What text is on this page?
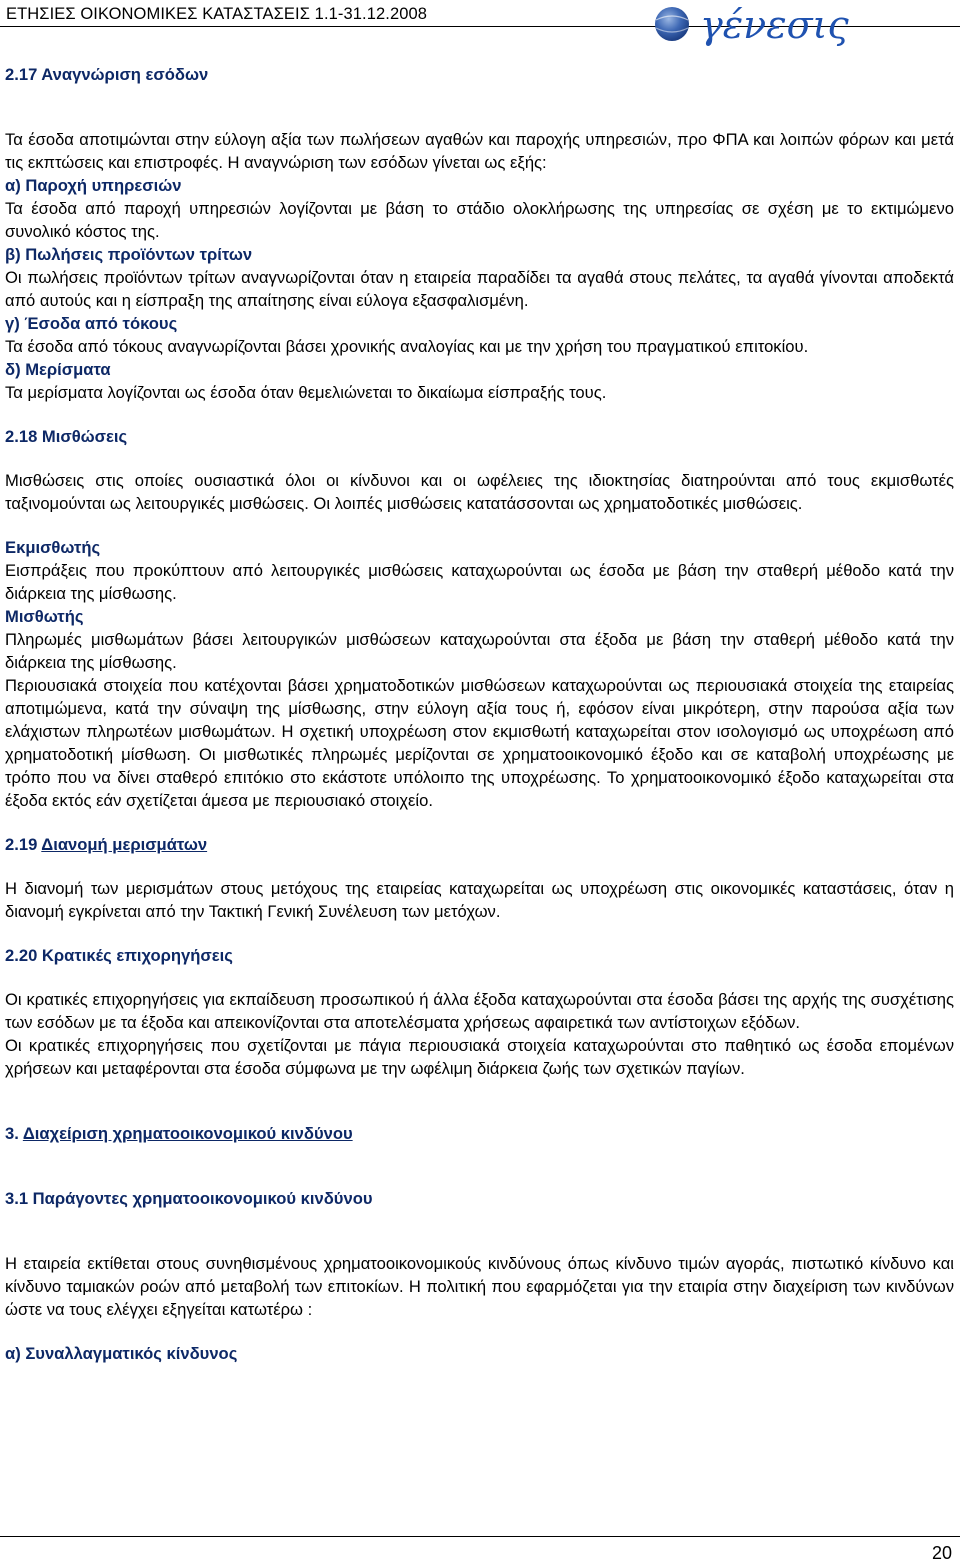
ΕΤΗΣΙΕΣ ΟΙΚΟΝΟΜΙΚΕΣ ΚΑΤΑΣΤΑΣΕΙΣ 1.1-31.12.2008	γένεσις

2.17 Αναγνώριση εσόδων

Τα έσοδα αποτιμώνται στην εύλογη αξία των πωλήσεων αγαθών και παροχής υπηρεσιών, προ ΦΠΑ και λοιπών φόρων και μετά τις εκπτώσεις και επιστροφές. Η αναγνώριση των εσόδων γίνεται ως εξής:

α) Παροχή υπηρεσιών

Τα έσοδα από παροχή υπηρεσιών λογίζονται με βάση το στάδιο ολοκλήρωσης της υπηρεσίας σε σχέση με το εκτιμώμενο συνολικό κόστος της.

β) Πωλήσεις προϊόντων τρίτων

Οι πωλήσεις προϊόντων τρίτων αναγνωρίζονται όταν η εταιρεία παραδίδει τα αγαθά στους πελάτες, τα αγαθά γίνονται αποδεκτά από αυτούς και η είσπραξη της απαίτησης είναι εύλογα εξασφαλισμένη.

γ) Έσοδα από τόκους

Τα έσοδα από τόκους αναγνωρίζονται βάσει χρονικής αναλογίας και με την χρήση του πραγματικού επιτοκίου.

δ) Μερίσματα

Τα μερίσματα λογίζονται ως έσοδα όταν θεμελιώνεται το δικαίωμα είσπραξής τους.

2.18 Μισθώσεις

Μισθώσεις στις οποίες ουσιαστικά όλοι οι κίνδυνοι και οι ωφέλειες της ιδιοκτησίας διατηρούνται από τους εκμισθωτές ταξινομούνται ως λειτουργικές μισθώσεις. Οι λοιπές μισθώσεις κατατάσσονται ως χρηματοδοτικές μισθώσεις.

Εκμισθωτής

Εισπράξεις που προκύπτουν από λειτουργικές μισθώσεις καταχωρούνται ως έσοδα με βάση την σταθερή μέθοδο κατά την διάρκεια της μίσθωσης.

Μισθωτής

Πληρωμές μισθωμάτων βάσει λειτουργικών μισθώσεων καταχωρούνται στα έξοδα με βάση την σταθερή μέθοδο κατά την διάρκεια της μίσθωσης.

Περιουσιακά στοιχεία που κατέχονται βάσει χρηματοδοτικών μισθώσεων καταχωρούνται ως περιουσιακά στοιχεία της εταιρείας αποτιμώμενα, κατά την σύναψη της μίσθωσης, στην εύλογη αξία τους ή, εφόσον είναι μικρότερη, στην παρούσα αξία των ελάχιστων πληρωτέων μισθωμάτων. Η σχετική υποχρέωση στον εκμισθωτή καταχωρείται στον ισολογισμό ως υποχρέωση από χρηματοδοτική μίσθωση. Οι μισθωτικές πληρωμές μερίζονται σε χρηματοοικονομικό έξοδο και σε καταβολή υποχρέωσης με τρόπο που να δίνει σταθερό επιτόκιο στο εκάστοτε υπόλοιπο της υποχρέωσης. Το χρηματοοικονομικό έξοδο καταχωρείται στα έξοδα εκτός εάν σχετίζεται άμεσα με περιουσιακό στοιχείο.

2.19 Διανομή μερισμάτων

Η διανομή των μερισμάτων στους μετόχους της εταιρείας καταχωρείται ως υποχρέωση στις οικονομικές καταστάσεις, όταν η διανομή εγκρίνεται από την Τακτική Γενική Συνέλευση των μετόχων.

2.20 Κρατικές επιχορηγήσεις

Οι κρατικές επιχορηγήσεις για εκπαίδευση προσωπικού ή άλλα έξοδα καταχωρούνται στα έσοδα βάσει της αρχής της συσχέτισης των εσόδων με τα έξοδα και απεικονίζονται στα αποτελέσματα χρήσεως αφαιρετικά των αντίστοιχων εξόδων.

Οι κρατικές επιχορηγήσεις που σχετίζονται με πάγια περιουσιακά στοιχεία καταχωρούνται στο παθητικό ως έσοδα επομένων χρήσεων και μεταφέρονται στα έσοδα σύμφωνα με την ωφέλιμη διάρκεια ζωής των σχετικών παγίων.

3. Διαχείριση χρηματοοικονομικού κινδύνου

3.1 Παράγοντες χρηματοοικονομικού κινδύνου

Η εταιρεία εκτίθεται στους συνηθισμένους χρηματοοικονομικούς κινδύνους όπως κίνδυνο τιμών αγοράς, πιστωτικό κίνδυνο και κίνδυνο ταμιακών ροών από μεταβολή των επιτοκίων. Η πολιτική που εφαρμόζεται για την εταιρία στην διαχείριση των κινδύνων ώστε να τους ελέγχει εξηγείται κατωτέρω :

α) Συναλλαγματικός κίνδυνος

20
